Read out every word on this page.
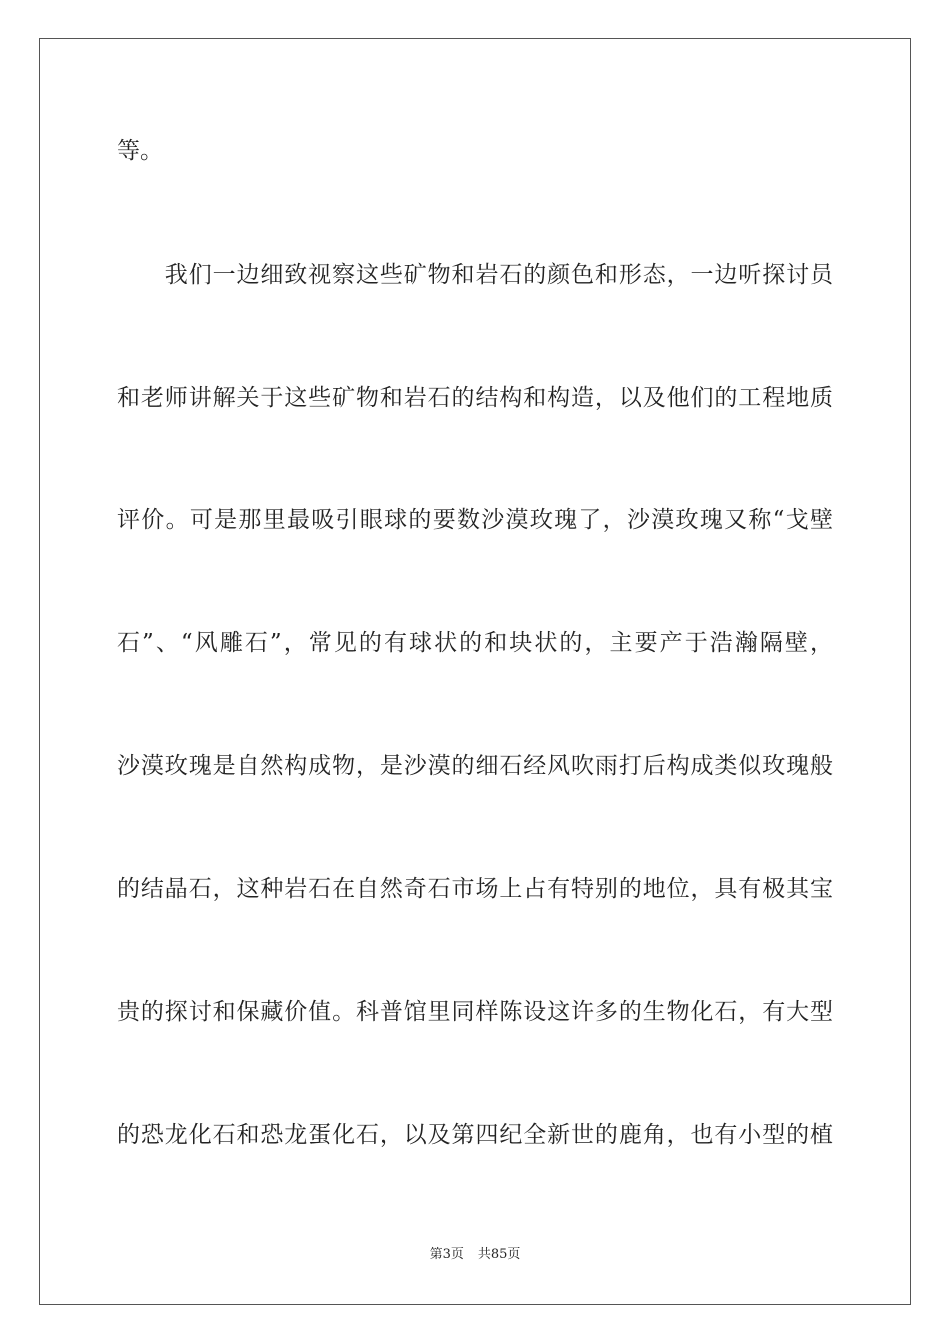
等。
　　我们一边细致视察这些矿物和岩石的颜色和形态，一边听探讨员
和老师讲解关于这些矿物和岩石的结构和构造，以及他们的工程地质
评价。可是那里最吸引眼球的要数沙漠玫瑰了，沙漠玫瑰又称“戈壁
石”、“风雕石”，常见的有球状的和块状的，主要产于浩瀚隔壁，
沙漠玫瑰是自然构成物，是沙漠的细石经风吹雨打后构成类似玫瑰般
的结晶石，这种岩石在自然奇石市场上占有特别的地位，具有极其宝
贵的探讨和保藏价值。科普馆里同样陈设这许多的生物化石，有大型
的恐龙化石和恐龙蛋化石，以及第四纪全新世的鹿角，也有小型的植
第3页 共85页
